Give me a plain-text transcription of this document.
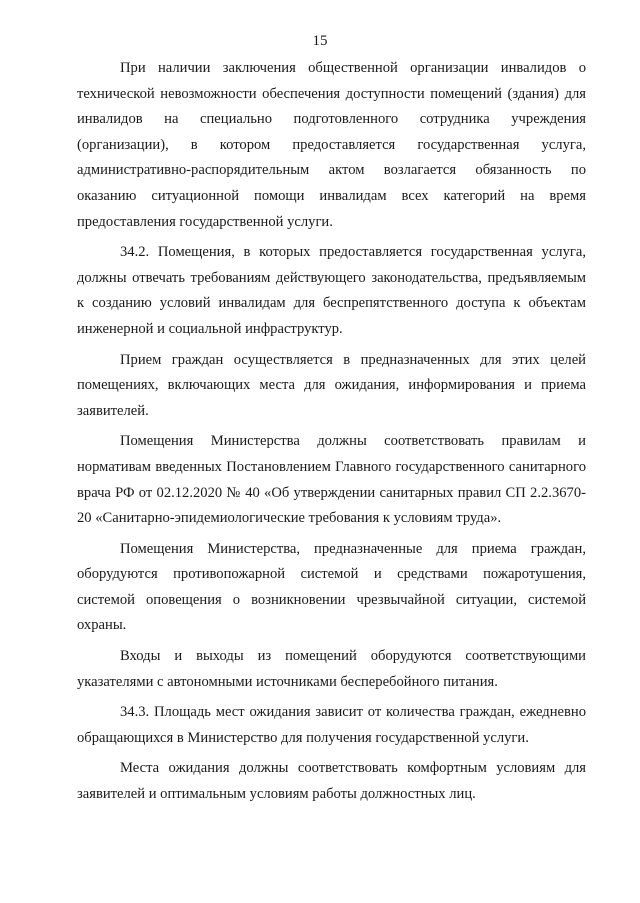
15

При наличии заключения общественной организации инвалидов о технической невозможности обеспечения доступности помещений (здания) для инвалидов на специально подготовленного сотрудника учреждения (организации), в котором предоставляется государственная услуга, административно-распорядительным актом возлагается обязанность по оказанию ситуационной помощи инвалидам всех категорий на время предоставления государственной услуги.

34.2. Помещения, в которых предоставляется государственная услуга, должны отвечать требованиям действующего законодательства, предъявляемым к созданию условий инвалидам для беспрепятственного доступа к объектам инженерной и социальной инфраструктур.

Прием граждан осуществляется в предназначенных для этих целей помещениях, включающих места для ожидания, информирования и приема заявителей.

Помещения Министерства должны соответствовать правилам и нормативам введенных Постановлением Главного государственного санитарного врача РФ от 02.12.2020 № 40 «Об утверждении санитарных правил СП 2.2.3670-20 «Санитарно-эпидемиологические требования к условиям труда».

Помещения Министерства, предназначенные для приема граждан, оборудуются противопожарной системой и средствами пожаротушения, системой оповещения о возникновении чрезвычайной ситуации, системой охраны.

Входы и выходы из помещений оборудуются соответствующими указателями с автономными источниками бесперебойного питания.

34.3. Площадь мест ожидания зависит от количества граждан, ежедневно обращающихся в Министерство для получения государственной услуги.

Места ожидания должны соответствовать комфортным условиям для заявителей и оптимальным условиям работы должностных лиц.
